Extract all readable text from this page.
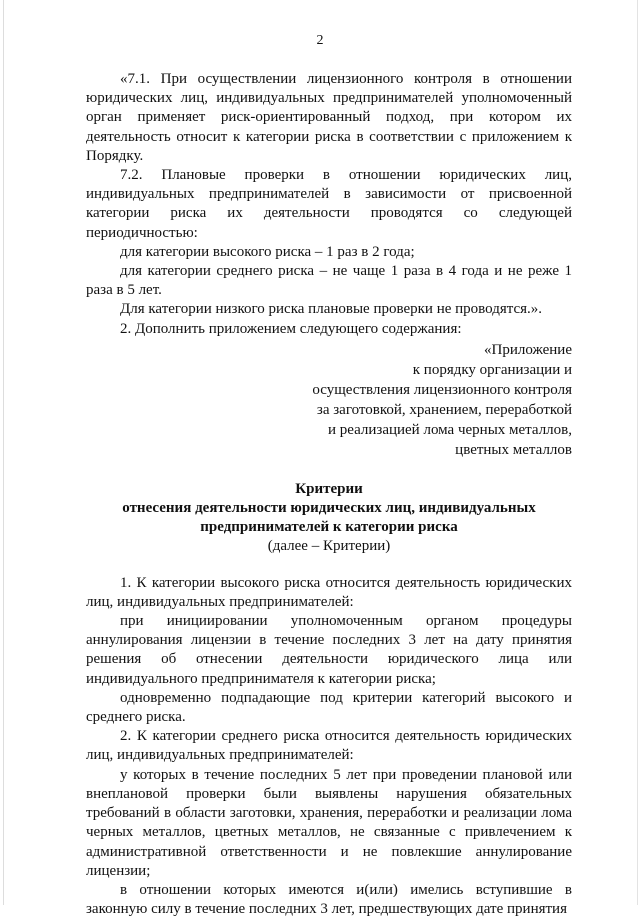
2

«7.1. При осуществлении лицензионного контроля в отношении юридических лиц, индивидуальных предпринимателей уполномоченный орган применяет риск-ориентированный подход, при котором их деятельность относит к категории риска в соответствии с приложением к Порядку.

7.2. Плановые проверки в отношении юридических лиц, индивидуальных предпринимателей в зависимости от присвоенной категории риска их деятельности проводятся со следующей периодичностью:

для категории высокого риска – 1 раз в 2 года;

для категории среднего риска – не чаще 1 раза в 4 года и не реже 1 раза в 5 лет.

Для категории низкого риска плановые проверки не проводятся.».

2. Дополнить приложением следующего содержания:

«Приложение
к порядку организации и
осуществления лицензионного контроля
за заготовкой, хранением, переработкой
и реализацией лома черных металлов,
цветных металлов
Критерии
отнесения деятельности юридических лиц, индивидуальных
предпринимателей к категории риска
(далее – Критерии)

1. К категории высокого риска относится деятельность юридических лиц, индивидуальных предпринимателей:

при инициировании уполномоченным органом процедуры аннулирования лицензии в течение последних 3 лет на дату принятия решения об отнесении деятельности юридического лица или индивидуального предпринимателя к категории риска;

одновременно подпадающие под критерии категорий высокого и среднего риска.

2. К категории среднего риска относится деятельность юридических лиц, индивидуальных предпринимателей:

у которых в течение последних 5 лет при проведении плановой или внеплановой проверки были выявлены нарушения обязательных требований в области заготовки, хранения, переработки и реализации лома черных металлов, цветных металлов, не связанные с привлечением к административной ответственности и не повлекшие аннулирование лицензии;

в отношении которых имеются и(или) имелись вступившие в законную силу в течение последних 3 лет, предшествующих дате принятия
